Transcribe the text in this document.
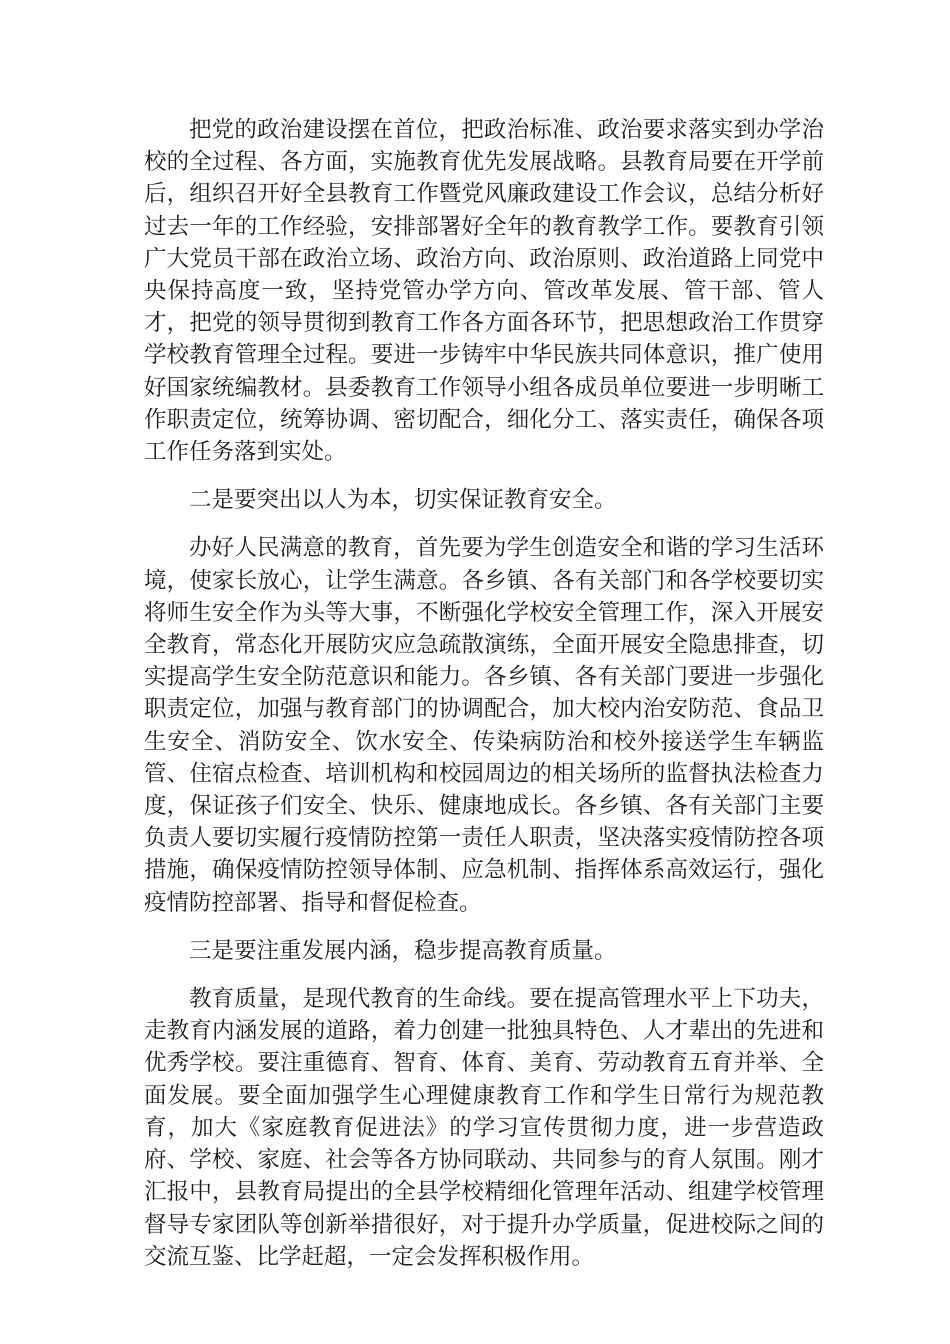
把党的政治建设摆在首位，把政治标准、政治要求落实到办学治校的全过程、各方面，实施教育优先发展战略。县教育局要在开学前后，组织召开好全县教育工作暨党风廉政建设工作会议，总结分析好过去一年的工作经验，安排部署好全年的教育教学工作。要教育引领广大党员干部在政治立场、政治方向、政治原则、政治道路上同党中央保持高度一致，坚持党管办学方向、管改革发展、管干部、管人才，把党的领导贯彻到教育工作各方面各环节，把思想政治工作贯穿学校教育管理全过程。要进一步铸牢中华民族共同体意识，推广使用好国家统编教材。县委教育工作领导小组各成员单位要进一步明晰工作职责定位，统筹协调、密切配合，细化分工、落实责任，确保各项工作任务落到实处。

二是要突出以人为本，切实保证教育安全。

办好人民满意的教育，首先要为学生创造安全和谐的学习生活环境，使家长放心，让学生满意。各乡镇、各有关部门和各学校要切实将师生安全作为头等大事，不断强化学校安全管理工作，深入开展安全教育，常态化开展防灾应急疏散演练，全面开展安全隐患排查，切实提高学生安全防范意识和能力。各乡镇、各有关部门要进一步强化职责定位，加强与教育部门的协调配合，加大校内治安防范、食品卫生安全、消防安全、饮水安全、传染病防治和校外接送学生车辆监管、住宿点检查、培训机构和校园周边的相关场所的监督执法检查力度，保证孩子们安全、快乐、健康地成长。各乡镇、各有关部门主要负责人要切实履行疫情防控第一责任人职责，坚决落实疫情防控各项措施，确保疫情防控领导体制、应急机制、指挥体系高效运行，强化疫情防控部署、指导和督促检查。

三是要注重发展内涵，稳步提高教育质量。

教育质量，是现代教育的生命线。要在提高管理水平上下功夫，走教育内涵发展的道路，着力创建一批独具特色、人才辈出的先进和优秀学校。要注重德育、智育、体育、美育、劳动教育五育并举、全面发展。要全面加强学生心理健康教育工作和学生日常行为规范教育，加大《家庭教育促进法》的学习宣传贯彻力度，进一步营造政府、学校、家庭、社会等各方协同联动、共同参与的育人氛围。刚才汇报中，县教育局提出的全县学校精细化管理年活动、组建学校管理督导专家团队等创新举措很好，对于提升办学质量，促进校际之间的交流互鉴、比学赶超，一定会发挥积极作用。
